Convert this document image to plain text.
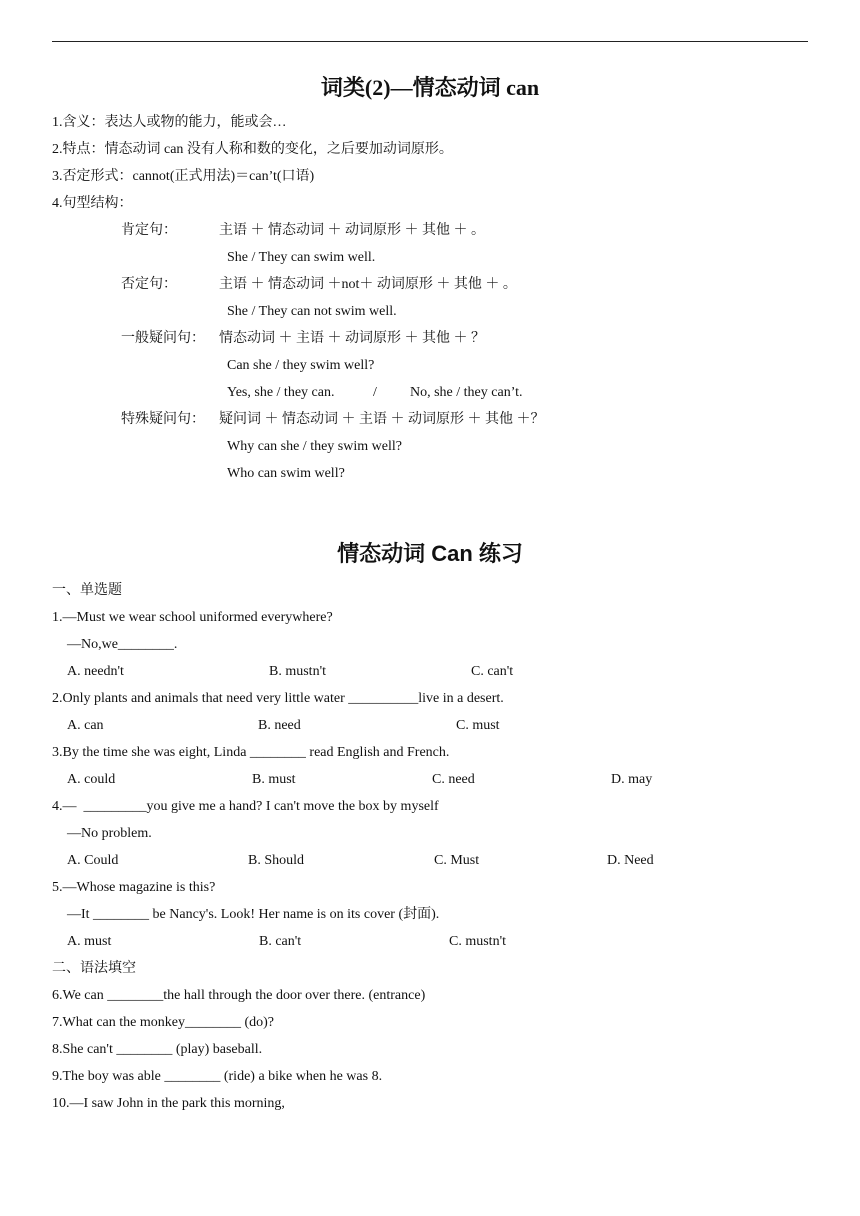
词类(2)—情态动词 can
1.含义：表达人或物的能力，能或会…
2.特点：情态动词 can 没有人称和数的变化，之后要加动词原形。
3.否定形式：cannot(正式用法)＝can’t(口语)
4.句型结构：
肯定句：	主语 ＋ 情态动词 ＋ 动词原形 ＋ 其他 ＋ 。
She / They can swim well.
否定句：	主语 ＋ 情态动词 ＋not＋ 动词原形 ＋ 其他 ＋ 。
She / They can not swim well.
一般疑问句： 情态动词 ＋ 主语 ＋ 动词原形 ＋ 其他 ＋ ？
Can she / they swim well?
Yes, she / they can.	/ No, she / they can’t.
特殊疑问句： 疑问词 ＋ 情态动词 ＋ 主语 ＋ 动词原形 ＋ 其他 ＋？
Why can she / they swim well?
Who can swim well?
情态动词 Can 练习
一、单选题
1.—Must we wear school uniformed everywhere?
—No,we________.
A. needn't	B. mustn't	C. can't
2.Only plants and animals that need very little water __________live in a desert.
A. can	B. need	C. must
3.By the time she was eight, Linda ________ read English and French.
A. could	B. must	C. need	D. may
4.—  _________you give me a hand? I can't move the box by myself
—No problem.
A. Could	B. Should	C. Must	D. Need
5.—Whose magazine is this?
—It ________ be Nancy's. Look! Her name is on its cover (封面).
A. must	B. can't	C. mustn't
二、语法填空
6.We can ________the hall through the door over there. (entrance)
7.What can the monkey________ (do)?
8.She can't ________ (play) baseball.
9.The boy was able ________ (ride) a bike when he was 8.
10.—I saw John in the park this morning,
